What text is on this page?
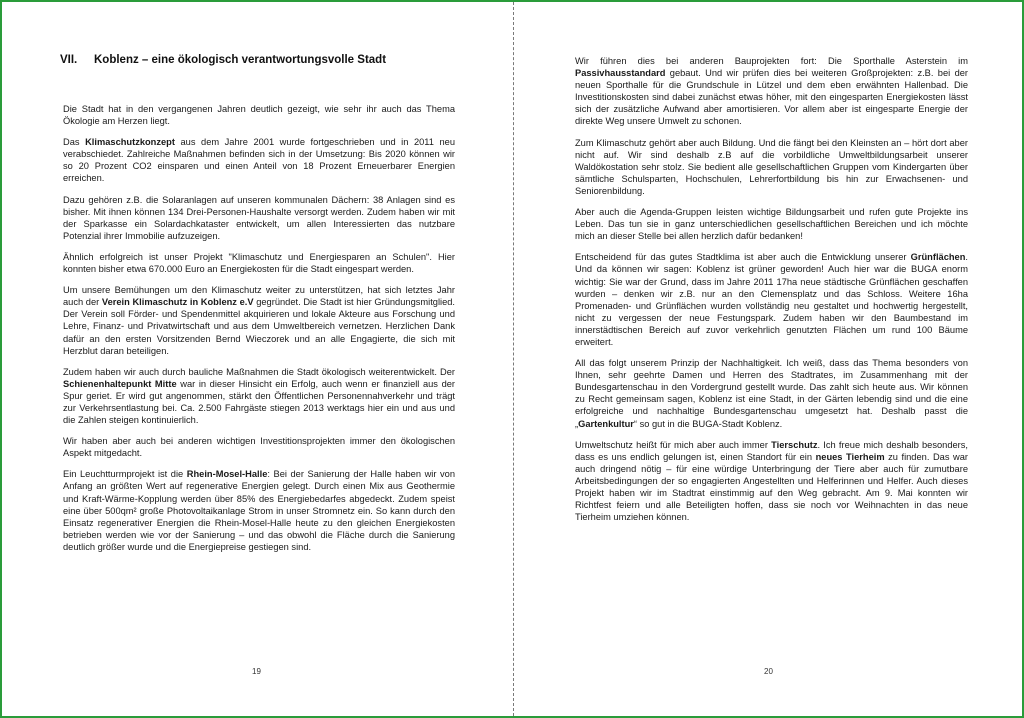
VII. Koblenz – eine ökologisch verantwortungsvolle Stadt

Die Stadt hat in den vergangenen Jahren deutlich gezeigt, wie sehr ihr auch das Thema Ökologie am Herzen liegt.

Das Klimaschutzkonzept aus dem Jahre 2001 wurde fortgeschrieben und in 2011 neu verabschiedet. Zahlreiche Maßnahmen befinden sich in der Umsetzung: Bis 2020 können wir so 20 Prozent CO2 einsparen und einen Anteil von 18 Prozent Erneuerbarer Energien erreichen.

Dazu gehören z.B. die Solaranlagen auf unseren kommunalen Dächern: 38 Anlagen sind es bisher. Mit ihnen können 134 Drei-Personen-Haushalte versorgt werden. Zudem haben wir mit der Sparkasse ein Solardachkataster entwickelt, um allen Interessierten das nutzbare Potenzial ihrer Immobilie aufzuzeigen.

Ähnlich erfolgreich ist unser Projekt "Klimaschutz und Energiesparen an Schulen". Hier konnten bisher etwa 670.000 Euro an Energiekosten für die Stadt eingespart werden.

Um unsere Bemühungen um den Klimaschutz weiter zu unterstützen, hat sich letztes Jahr auch der Verein Klimaschutz in Koblenz e.V gegründet. Die Stadt ist hier Gründungsmitglied. Der Verein soll Förder- und Spendenmittel akquirieren und lokale Akteure aus Forschung und Lehre, Finanz- und Privatwirtschaft und aus dem Umweltbereich vernetzen. Herzlichen Dank dafür an den ersten Vorsitzenden Bernd Wieczorek und an alle Engagierte, die sich mit Herzblut daran beteiligen.

Zudem haben wir auch durch bauliche Maßnahmen die Stadt ökologisch weiterentwickelt. Der Schienenhaltepunkt Mitte war in dieser Hinsicht ein Erfolg, auch wenn er finanziell aus der Spur geriet. Er wird gut angenommen, stärkt den Öffentlichen Personennahverkehr und trägt zur Verkehrsentlastung bei. Ca. 2.500 Fahrgäste stiegen 2013 werktags hier ein und aus und die Zahlen steigen kontinuierlich.

Wir haben aber auch bei anderen wichtigen Investitionsprojekten immer den ökologischen Aspekt mitgedacht.

Ein Leuchtturmprojekt ist die Rhein-Mosel-Halle: Bei der Sanierung der Halle haben wir von Anfang an größten Wert auf regenerative Energien gelegt. Durch einen Mix aus Geothermie und Kraft-Wärme-Kopplung werden über 85% des Energiebedarfes abgedeckt. Zudem speist eine über 500qm² große Photovoltaikanlage Strom in unser Stromnetz ein. So kann durch den Einsatz regenerativer Energien die Rhein-Mosel-Halle heute zu den gleichen Energiekosten betrieben werden wie vor der Sanierung – und das obwohl die Fläche durch die Sanierung deutlich größer wurde und die Energiepreise gestiegen sind.

19

Wir führen dies bei anderen Bauprojekten fort: Die Sporthalle Asterstein im Passivhausstandard gebaut. Und wir prüfen dies bei weiteren Großprojekten: z.B. bei der neuen Sporthalle für die Grundschule in Lützel und dem eben erwähnten Hallenbad. Die Investitionskosten sind dabei zunächst etwas höher, mit den eingesparten Energiekosten lässt sich der zusätzliche Aufwand aber amortisieren. Vor allem aber ist eingesparte Energie der direkte Weg unsere Umwelt zu schonen.

Zum Klimaschutz gehört aber auch Bildung. Und die fängt bei den Kleinsten an – hört dort aber nicht auf. Wir sind deshalb z.B auf die vorbildliche Umweltbildungsarbeit unserer Waldökostation sehr stolz. Sie bedient alle gesellschaftlichen Gruppen vom Kindergarten über sämtliche Schulsparten, Hochschulen, Lehrerfortbildung bis hin zur Erwachsenen- und Seniorenbildung.

Aber auch die Agenda-Gruppen leisten wichtige Bildungsarbeit und rufen gute Projekte ins Leben. Das tun sie in ganz unterschiedlichen gesellschaftlichen Bereichen und ich möchte mich an dieser Stelle bei allen herzlich dafür bedanken!

Entscheidend für das gutes Stadtklima ist aber auch die Entwicklung unserer Grünflächen. Und da können wir sagen: Koblenz ist grüner geworden! Auch hier war die BUGA enorm wichtig: Sie war der Grund, dass im Jahre 2011 17ha neue städtische Grünflächen geschaffen wurden – denken wir z.B. nur an den Clemensplatz und das Schloss. Weitere 16ha Promenaden- und Grünflächen wurden vollständig neu gestaltet und hochwertig hergestellt, nicht zu vergessen der neue Festungspark. Zudem haben wir den Baumbestand im innerstädtischen Bereich auf zuvor verkehrlich genutzten Flächen um rund 100 Bäume erweitert.

All das folgt unserem Prinzip der Nachhaltigkeit. Ich weiß, dass das Thema besonders von Ihnen, sehr geehrte Damen und Herren des Stadtrates, im Zusammenhang mit der Bundesgartenschau in den Vordergrund gestellt wurde. Das zahlt sich heute aus. Wir können zu Recht gemeinsam sagen, Koblenz ist eine Stadt, in der Gärten lebendig sind und die eine erfolgreiche und nachhaltige Bundesgartenschau umgesetzt hat. Deshalb passt die „Gartenkultur“ so gut in die BUGA-Stadt Koblenz.

Umweltschutz heißt für mich aber auch immer Tierschutz. Ich freue mich deshalb besonders, dass es uns endlich gelungen ist, einen Standort für ein neues Tierheim zu finden. Das war auch dringend nötig – für eine würdige Unterbringung der Tiere aber auch für zumutbare Arbeitsbedingungen der so engagierten Angestellten und Helferinnen und Helfer. Auch dieses Projekt haben wir im Stadtrat einstimmig auf den Weg gebracht. Am 9. Mai konnten wir Richtfest feiern und alle Beteiligten hoffen, dass sie noch vor Weihnachten in das neue Tierheim umziehen können.

20
